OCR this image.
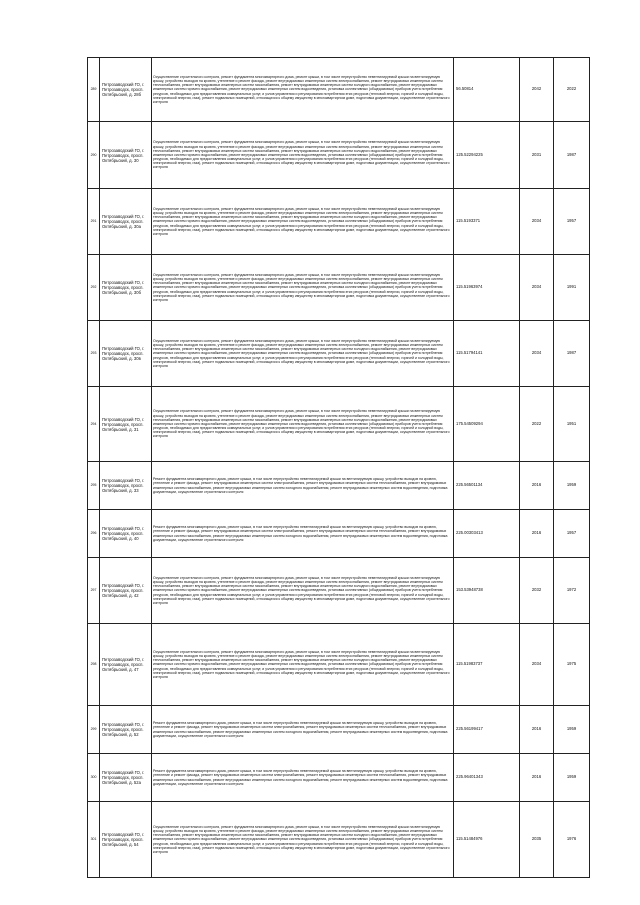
289	Петрозаводский ГО, г. Петрозаводск, просп. Октябрьский, д. 28б	Осуществление строительного контроля, ремонт фундамента многоквартирного дома, ремонт крыши, в том числе переустройство невентилируемой крыши на вентилируемую крышу, устройство выходов на кровлю, утепление и ремонт фасада, ремонт внутридомовых инженерных систем электроснабжения, ремонт внутридомовых инженерных систем теплоснабжения, ремонт внутридомовых инженерных систем газоснабжения, ремонт внутридомовых инженерных систем холодного водоснабжения, ремонт внутридомовых инженерных систем горячего водоснабжения, ремонт внутридомовых инженерных систем водоотведения, установка коллективных (общедомовых) приборов учета потребления ресурсов, необходимых для предоставления коммунальных услуг, и узлов управления и регулирования потребления этих ресурсов (тепловой энергии, горячей и холодной воды, электрической энергии, газа), ремонт подвальных помещений, относящихся к общему имуществу в многоквартирном доме, подготовка документации, осуществление строительного контроля	56.50814	2042	2022
290	Петрозаводский ГО, г. Петрозаводск, просп. Октябрьский, д. 30	Осуществление строительного контроля, ремонт фундамента многоквартирного дома, ремонт крыши, в том числе переустройство невентилируемой крыши на вентилируемую крышу, устройство выходов на кровлю, утепление и ремонт фасада, ремонт внутридомовых инженерных систем электроснабжения, ремонт внутридомовых инженерных систем теплоснабжения, ремонт внутридомовых инженерных систем газоснабжения, ремонт внутридомовых инженерных систем холодного водоснабжения, ремонт внутридомовых инженерных систем горячего водоснабжения, ремонт внутридомовых инженерных систем водоотведения, установка коллективных (общедомовых) приборов учета потребления ресурсов, необходимых для предоставления коммунальных услуг, и узлов управления и регулирования потребления этих ресурсов (тепловой энергии, горячей и холодной воды, электрической энергии, газа), ремонт подвальных помещений, относящихся к общему имуществу в многоквартирном доме, подготовка документации, осуществление строительного контроля	125.52294225	2031	1987
291	Петрозаводский ГО, г. Петрозаводск, просп. Октябрьский, д. 30а	Осуществление строительного контроля, ремонт фундамента многоквартирного дома, ремонт крыши, в том числе переустройство невентилируемой крыши на вентилируемую крышу, устройство выходов на кровлю, утепление и ремонт фасада, ремонт внутридомовых инженерных систем электроснабжения, ремонт внутридомовых инженерных систем теплоснабжения, ремонт внутридомовых инженерных систем газоснабжения, ремонт внутридомовых инженерных систем холодного водоснабжения, ремонт внутридомовых инженерных систем горячего водоснабжения, ремонт внутридомовых инженерных систем водоотведения, установка коллективных (общедомовых) приборов учета потребления ресурсов, необходимых для предоставления коммунальных услуг, и узлов управления и регулирования потребления этих ресурсов (тепловой энергии, горячей и холодной воды, электрической энергии, газа), ремонт подвальных помещений, относящихся к общему имуществу в многоквартирном доме, подготовка документации, осуществление строительного контроля	115.5193371	2034	1957
292	Петрозаводский ГО, г. Петрозаводск, просп. Октябрьский, д. 30б	Осуществление строительного контроля, ремонт фундамента многоквартирного дома, ремонт крыши, в том числе переустройство невентилируемой крыши на вентилируемую крышу, устройство выходов на кровлю, утепление и ремонт фасада, ремонт внутридомовых инженерных систем электроснабжения, ремонт внутридомовых инженерных систем теплоснабжения, ремонт внутридомовых инженерных систем газоснабжения, ремонт внутридомовых инженерных систем холодного водоснабжения, ремонт внутридомовых инженерных систем горячего водоснабжения, ремонт внутридомовых инженерных систем водоотведения, установка коллективных (общедомовых) приборов учета потребления ресурсов, необходимых для предоставления коммунальных услуг, и узлов управления и регулирования потребления этих ресурсов (тепловой энергии, горячей и холодной воды, электрической энергии, газа), ремонт подвальных помещений, относящихся к общему имуществу в многоквартирном доме, подготовка документации, осуществление строительного контроля	115.51963974	2034	1991
293	Петрозаводский ГО, г. Петрозаводск, просп. Октябрьский, д. 30в	Осуществление строительного контроля, ремонт фундамента многоквартирного дома, ремонт крыши, в том числе переустройство невентилируемой крыши на вентилируемую крышу, устройство выходов на кровлю, утепление и ремонт фасада, ремонт внутридомовых инженерных систем электроснабжения, ремонт внутридомовых инженерных систем теплоснабжения, ремонт внутридомовых инженерных систем газоснабжения, ремонт внутридомовых инженерных систем холодного водоснабжения, ремонт внутридомовых инженерных систем горячего водоснабжения, ремонт внутридомовых инженерных систем водоотведения, установка коллективных (общедомовых) приборов учета потребления ресурсов, необходимых для предоставления коммунальных услуг, и узлов управления и регулирования потребления этих ресурсов (тепловой энергии, горячей и холодной воды, электрической энергии, газа), ремонт подвальных помещений, относящихся к общему имуществу в многоквартирном доме, подготовка документации, осуществление строительного контроля	115.51794141	2034	1987
294	Петрозаводский ГО, г. Петрозаводск, просп. Октябрьский, д. 31	Осуществление строительного контроля, ремонт фундамента многоквартирного дома, ремонт крыши, в том числе переустройство невентилируемой крыши на вентилируемую крышу, устройство выходов на кровлю, утепление и ремонт фасада, ремонт внутридомовых инженерных систем электроснабжения, ремонт внутридомовых инженерных систем теплоснабжения, ремонт внутридомовых инженерных систем газоснабжения, ремонт внутридомовых инженерных систем холодного водоснабжения, ремонт внутридомовых инженерных систем горячего водоснабжения, ремонт внутридомовых инженерных систем водоотведения, установка коллективных (общедомовых) приборов учета потребления ресурсов, необходимых для предоставления коммунальных услуг, и узлов управления и регулирования потребления этих ресурсов (тепловой энергии, горячей и холодной воды, электрической энергии, газа), ремонт подвальных помещений, относящихся к общему имуществу в многоквартирном доме, подготовка документации, осуществление строительного контроля	175.54509294	2022	1951
295	Петрозаводский ГО, г. Петрозаводск, просп. Октябрьский, д. 33	Ремонт фундамента многоквартирного дома, ремонт крыши, в том числе переустройство невентилируемой крыши на вентилируемую крышу, устройство выходов на кровлю, утепление и ремонт фасада, ремонт внутридомовых инженерных систем электроснабжения, ремонт внутридомовых инженерных систем теплоснабжения, ремонт внутридомовых инженерных систем газоснабжения, ремонт внутридомовых инженерных систем холодного водоснабжения, ремонт внутридомовых инженерных систем водоотведения, подготовка документации, осуществление строительного контроля	225.56501134	2016	1959
296	Петрозаводский ГО, г. Петрозаводск, просп. Октябрьский, д. 40	Ремонт фундамента многоквартирного дома, ремонт крыши, в том числе переустройство невентилируемой крыши на вентилируемую крышу, устройство выходов на кровлю, утепление и ремонт фасада, ремонт внутридомовых инженерных систем электроснабжения, ремонт внутридомовых инженерных систем теплоснабжения, ремонт внутридомовых инженерных систем газоснабжения, ремонт внутридомовых инженерных систем холодного водоснабжения, ремонт внутридомовых инженерных систем водоотведения, подготовка документации, осуществление строительного контроля	225.00303413	2016	1957
297	Петрозаводский ГО, г. Петрозаводск, просп. Октябрьский, д. 42	Осуществление строительного контроля, ремонт фундамента многоквартирного дома, ремонт крыши, в том числе переустройство невентилируемой крыши на вентилируемую крышу, устройство выходов на кровлю, утепление и ремонт фасада, ремонт внутридомовых инженерных систем электроснабжения, ремонт внутридомовых инженерных систем теплоснабжения, ремонт внутридомовых инженерных систем газоснабжения, ремонт внутридомовых инженерных систем холодного водоснабжения, ремонт внутридомовых инженерных систем горячего водоснабжения, ремонт внутридомовых инженерных систем водоотведения, установка коллективных (общедомовых) приборов учета потребления ресурсов, необходимых для предоставления коммунальных услуг, и узлов управления и регулирования потребления этих ресурсов (тепловой энергии, горячей и холодной воды, электрической энергии, газа), ремонт подвальных помещений, относящихся к общему имуществу в многоквартирном доме, подготовка документации, осуществление строительного контроля	153.53948738	2032	1972
298	Петрозаводский ГО, г. Петрозаводск, просп. Октябрьский, д. 47	Осуществление строительного контроля, ремонт фундамента многоквартирного дома, ремонт крыши, в том числе переустройство невентилируемой крыши на вентилируемую крышу, устройство выходов на кровлю, утепление и ремонт фасада, ремонт внутридомовых инженерных систем электроснабжения, ремонт внутридомовых инженерных систем теплоснабжения, ремонт внутридомовых инженерных систем газоснабжения, ремонт внутридомовых инженерных систем холодного водоснабжения, ремонт внутридомовых инженерных систем горячего водоснабжения, ремонт внутридомовых инженерных систем водоотведения, установка коллективных (общедомовых) приборов учета потребления ресурсов, необходимых для предоставления коммунальных услуг, и узлов управления и регулирования потребления этих ресурсов (тепловой энергии, горячей и холодной воды, электрической энергии, газа), ремонт подвальных помещений, относящихся к общему имуществу в многоквартирном доме, подготовка документации, осуществление строительного контроля	115.51983737	2034	1975
299	Петрозаводский ГО, г. Петрозаводск, просп. Октябрьский, д. 52	Ремонт фундамента многоквартирного дома, ремонт крыши, в том числе переустройство невентилируемой крыши на вентилируемую крышу, устройство выходов на кровлю, утепление и ремонт фасада, ремонт внутридомовых инженерных систем электроснабжения, ремонт внутридомовых инженерных систем теплоснабжения, ремонт внутридомовых инженерных систем газоснабжения, ремонт внутридомовых инженерных систем холодного водоснабжения, ремонт внутридомовых инженерных систем водоотведения, подготовка документации, осуществление строительного контроля	225.56199417	2016	1959
300	Петрозаводский ГО, г. Петрозаводск, просп. Октябрьский, д. 52а	Ремонт фундамента многоквартирного дома, ремонт крыши, в том числе переустройство невентилируемой крыши на вентилируемую крышу, устройство выходов на кровлю, утепление и ремонт фасада, ремонт внутридомовых инженерных систем электроснабжения, ремонт внутридомовых инженерных систем теплоснабжения, ремонт внутридомовых инженерных систем газоснабжения, ремонт внутридомовых инженерных систем холодного водоснабжения, ремонт внутридомовых инженерных систем водоотведения, подготовка документации, осуществление строительного контроля	225.96401343	2016	1959
301	Петрозаводский ГО, г. Петрозаводск, просп. Октябрьский, д. 54	Осуществление строительного контроля, ремонт фундамента многоквартирного дома, ремонт крыши, в том числе переустройство невентилируемой крыши на вентилируемую крышу, устройство выходов на кровлю, утепление и ремонт фасада, ремонт внутридомовых инженерных систем электроснабжения, ремонт внутридомовых инженерных систем теплоснабжения, ремонт внутридомовых инженерных систем газоснабжения, ремонт внутридомовых инженерных систем холодного водоснабжения, ремонт внутридомовых инженерных систем горячего водоснабжения, ремонт внутридомовых инженерных систем водоотведения, установка коллективных (общедомовых) приборов учета потребления ресурсов, необходимых для предоставления коммунальных услуг, и узлов управления и регулирования потребления этих ресурсов (тепловой энергии, горячей и холодной воды, электрической энергии, газа), ремонт подвальных помещений, относящихся к общему имуществу в многоквартирном доме, подготовка документации, осуществление строительного контроля	115.51484976	2035	1976
